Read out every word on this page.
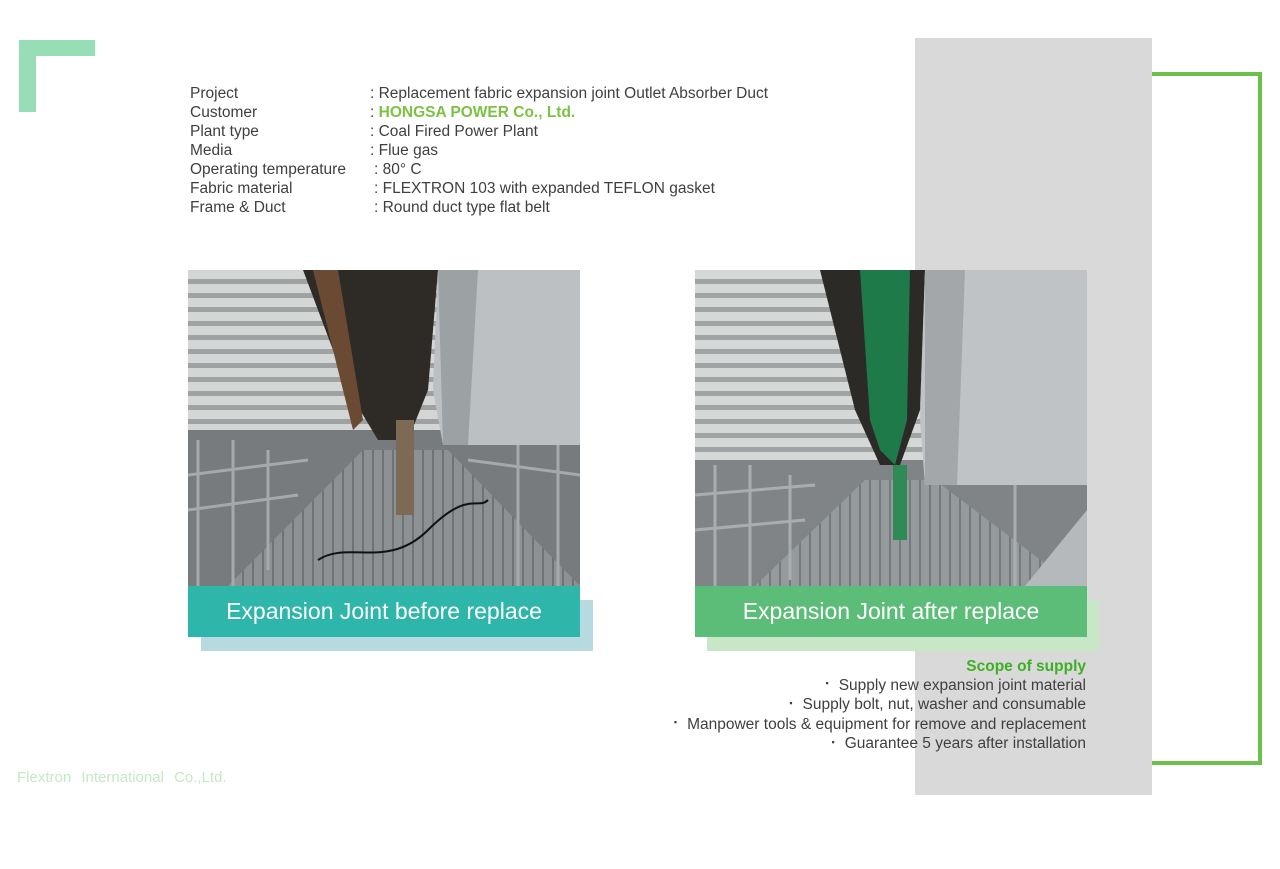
Project	: Replacement fabric expansion joint Outlet Absorber Duct
Customer	: HONGSA POWER Co., Ltd.
Plant type	: Coal Fired Power Plant
Media	: Flue gas
Operating temperature : 80° C
Fabric material	: FLEXTRON 103 with expanded TEFLON gasket
Frame & Duct	: Round duct type flat belt
Expansion Joint before replace	Expansion Joint after replace
Scope of supply
▪ Supply new expansion joint material
▪ Supply bolt, nut, washer and consumable
▪ Manpower tools & equipment for remove and replacement
▪ Guarantee 5 years after installation
Flextron International Co.,Ltd.
